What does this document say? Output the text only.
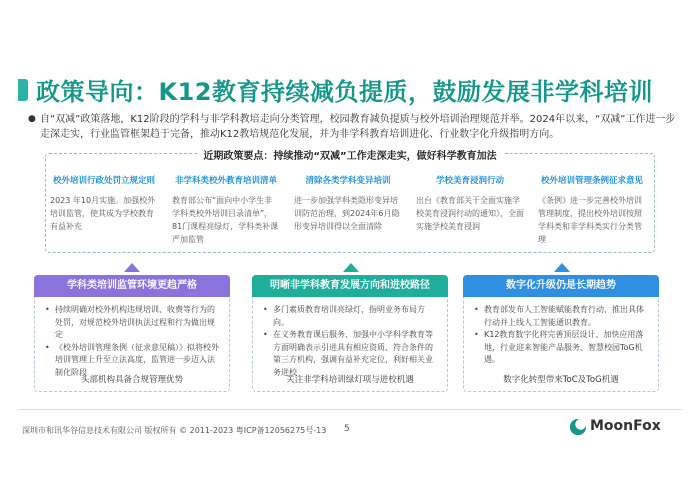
政策导向：K12教育持续减负提质，鼓励发展非学科培训
● 自“双减”政策落地，K12阶段的学科与非学科教培走向分类管理，校园教育减负提质与校外培训治理规范并举。2024年以来，“双减”工作进一步走深走实，行业监管框架趋于完备，推动K12教培规范化发展，并为非学科教育培训进化、行业数字化升级指明方向。
近期政策要点：持续推动“双减”工作走深走实，做好科学教育加法
校外培训行政处罚立规定则
2023 年10月实施。加强校外培训监管，使其成为学校教育有益补充
非学科类校外教育培训清单
教育部公布“面向中小学生非学科类校外培训目录清单”，81门课程亮绿灯，学科类补课严加监管
清除各类学科变异培训
进一步加强学科类隐形变异培训防范治理，到2024年6月隐形变异培训得以全面清除
学校美育浸润行动
出台《教育部关于全面实施学校美育浸润行动的通知》，全面实施学校美育浸润
校外培训管理条例征求意见
《条例》进一步完善校外培训管理制度，提出校外培训按照学科类和非学科类实行分类管理
学科类培训监管环境更趋严格
• 持续明确对校外机构违规培训、收费等行为的处罚，对规范校外培训执法过程和行为做出规定
• 《校外培训管理条例（征求意见稿）》拟将校外培训管理上升至立法高度，监管进一步迈入法制化阶段
头部机构具备合规管理优势
明晰非学科教育发展方向和进校路径
• 多门素质教育培训亮绿灯，指明业务布局方向。
• 在义务教育课后服务、加强中小学科学教育等方面明确表示引进具有相应资质、符合条件的第三方机构，强调有益补充定位，利好相关业务进校
关注非学科培训绿灯项与进校机遇
数字化升级仍是长期趋势
• 教育部发布人工智能赋能教育行动，推出具体行动并上线人工智能通识教育。
• K12教育数字化将完善顶层设计、加快应用落地，行业迎来智能产品服务、智慧校园ToG机遇。
数字化转型带来ToC及ToG机遇
深圳市和讯华谷信息技术有限公司 版权所有 © 2011-2023 粤ICP备12056275号-13 5	MoonFox
